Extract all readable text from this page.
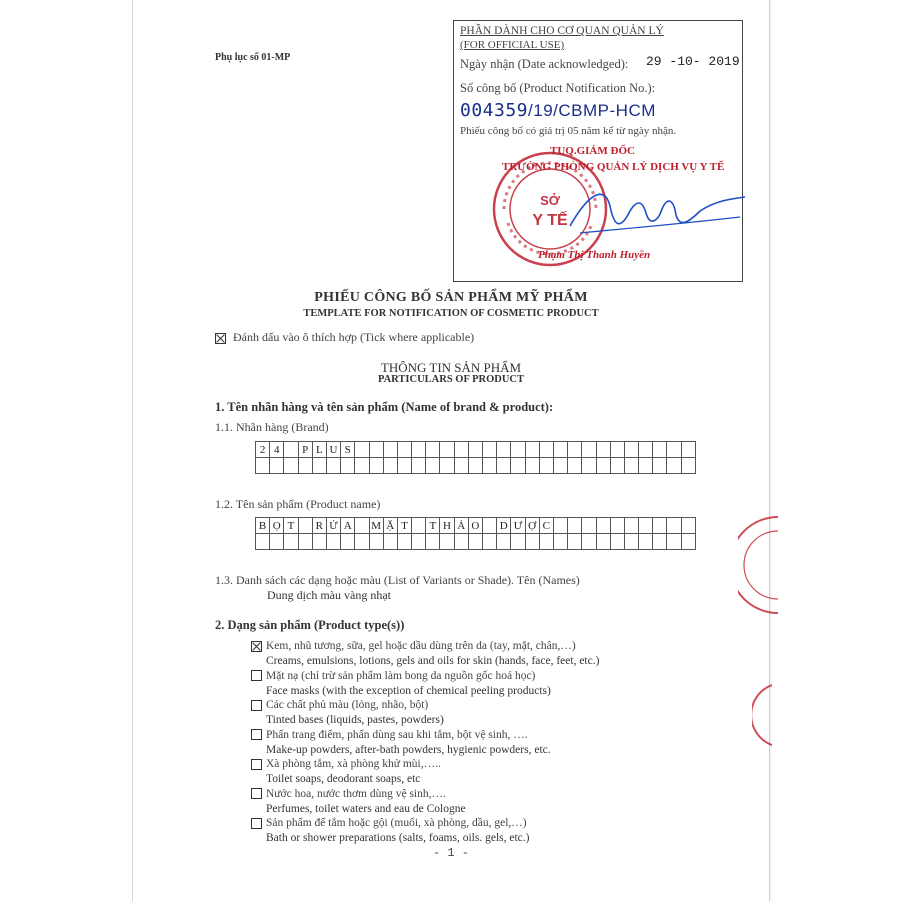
Phụ lục số 01-MP
PHẦN DÀNH CHO CƠ QUAN QUẢN LÝ
(FOR OFFICIAL USE)
Ngày nhận (Date acknowledged): 29 -10- 2019
Số công bố (Product Notification No.):
004359/19/CBMP-HCM
Phiếu công bố có giá trị 05 năm kể từ ngày nhận.
SỞ
Y TẾ
TUQ.GIÁM ĐỐC
TRƯỞNG PHÒNG QUẢN LÝ DỊCH VỤ Y TẾ
Phạm Thị Thanh Huyền
PHIẾU CÔNG BỐ SẢN PHẨM MỸ PHẨM
TEMPLATE FOR NOTIFICATION OF COSMETIC PRODUCT
Đánh dấu vào ô thích hợp (Tick where applicable)
THÔNG TIN SẢN PHẨM
PARTICULARS OF PRODUCT
1. Tên nhãn hàng và tên sản phẩm (Name of brand & product):
1.1. Nhãn hàng (Brand)
2	4		P	L	U	S																								

1.2. Tên sản phẩm (Product name)
B	Ọ	T		R	Ử	A		M	Ặ	T		T	H	Ả	O		D	Ư	Ợ	C										

1.3. Danh sách các dạng hoặc màu (List of Variants or Shade). Tên (Names)
Dung dịch màu vàng nhạt
2. Dạng sản phẩm (Product type(s))
Kem, nhũ tương, sữa, gel hoặc dầu dùng trên da (tay, mặt, chân,…)
Creams, emulsions, lotions, gels and oils for skin (hands, face, feet, etc.)
Mặt nạ (chỉ trừ sản phẩm làm bong da nguồn gốc hoá học)
Face masks (with the exception of chemical peeling products)
Các chất phủ màu (lỏng, nhão, bột)
Tinted bases (liquids, pastes, powders)
Phấn trang điểm, phấn dùng sau khi tắm, bột vệ sinh, ….
Make-up powders, after-bath powders, hygienic powders, etc.
Xà phòng tắm, xà phòng khử mùi,…..
Toilet soaps, deodorant soaps, etc
Nước hoa, nước thơm dùng vệ sinh,….
Perfumes, toilet waters and eau de Cologne
Sản phẩm để tắm hoặc gội (muối, xà phòng, dầu, gel,…)
Bath or shower preparations (salts, foams, oils. gels, etc.)
- 1 -
